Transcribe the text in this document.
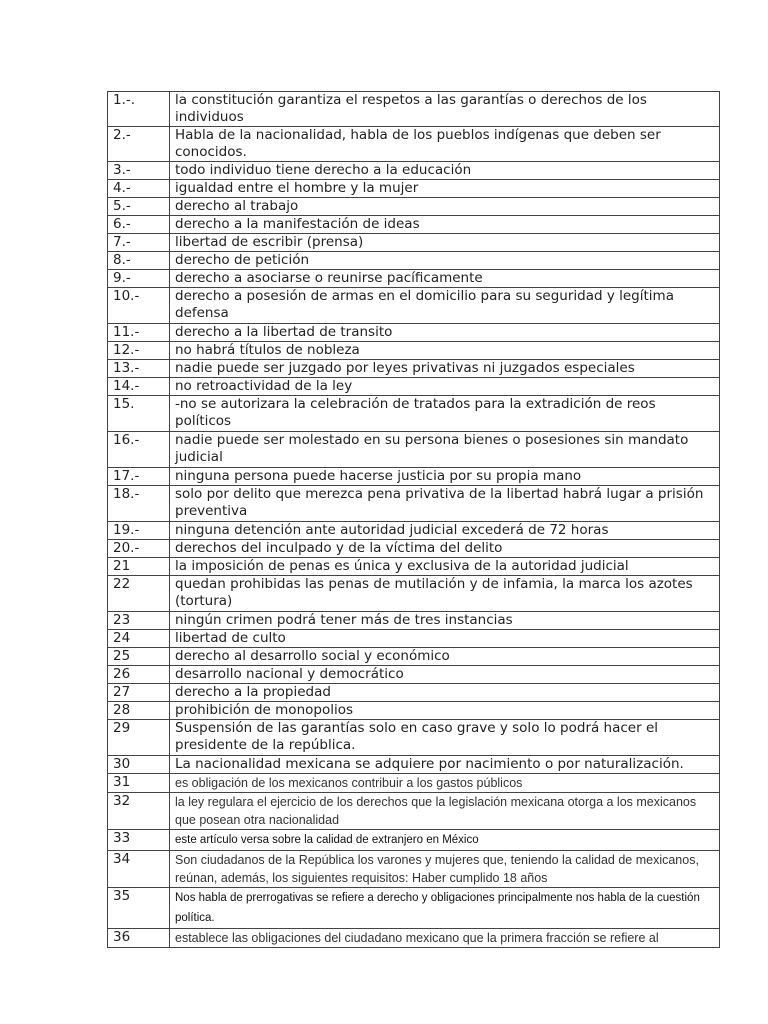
1.-.	la constitución garantiza el respetos a las garantías o derechos de los individuos
2.-	Habla de la nacionalidad, habla de los pueblos indígenas que deben ser conocidos.
3.-	todo individuo tiene derecho a la educación
4.-	igualdad entre el hombre y la mujer
5.-	derecho al trabajo
6.-	derecho a la manifestación de ideas
7.-	libertad de escribir (prensa)
8.-	derecho de petición
9.-	derecho a asociarse o reunirse pacíficamente
10.-	derecho a posesión de armas en el domicilio para su seguridad y legítima defensa
11.-	derecho a la libertad de transito
12.-	no habrá títulos de nobleza
13.-	nadie puede ser juzgado por leyes privativas ni juzgados especiales
14.-	no retroactividad de la ley
15.	-no se autorizara la celebración de tratados para la extradición de reos políticos
16.-	nadie puede ser molestado en su persona bienes o posesiones sin mandato judicial
17.-	ninguna persona puede hacerse justicia por su propia mano
18.-	solo por delito que merezca pena privativa de la libertad habrá lugar a prisión preventiva
19.-	ninguna detención ante autoridad judicial excederá de 72 horas
20.-	derechos del inculpado y de la víctima del delito
21	la imposición de penas es única y exclusiva de la autoridad judicial
22	quedan prohibidas las penas de mutilación y de infamia, la marca los azotes (tortura)
23	ningún crimen podrá tener más de tres instancias
24	libertad de culto
25	derecho al desarrollo social y económico
26	desarrollo nacional y democrático
27	derecho a la propiedad
28	prohibición de monopolios
29	Suspensión de las garantías solo en caso grave y solo lo podrá hacer el presidente de la república.
30	La nacionalidad mexicana se adquiere por nacimiento o por naturalización.
31	es obligación de los mexicanos contribuir a los gastos públicos
32	la ley regulara el ejercicio de los derechos que la legislación mexicana otorga a los mexicanos que posean otra nacionalidad
33	este artículo versa sobre la calidad de extranjero en México
34	Son ciudadanos de la República los varones y mujeres que, teniendo la calidad de mexicanos, reúnan, además, los siguientes requisitos: Haber cumplido 18 años
35	Nos habla de prerrogativas se refiere a derecho y obligaciones principalmente nos habla de la cuestión política.
36	establece las obligaciones del ciudadano mexicano que la primera fracción se refiere al
